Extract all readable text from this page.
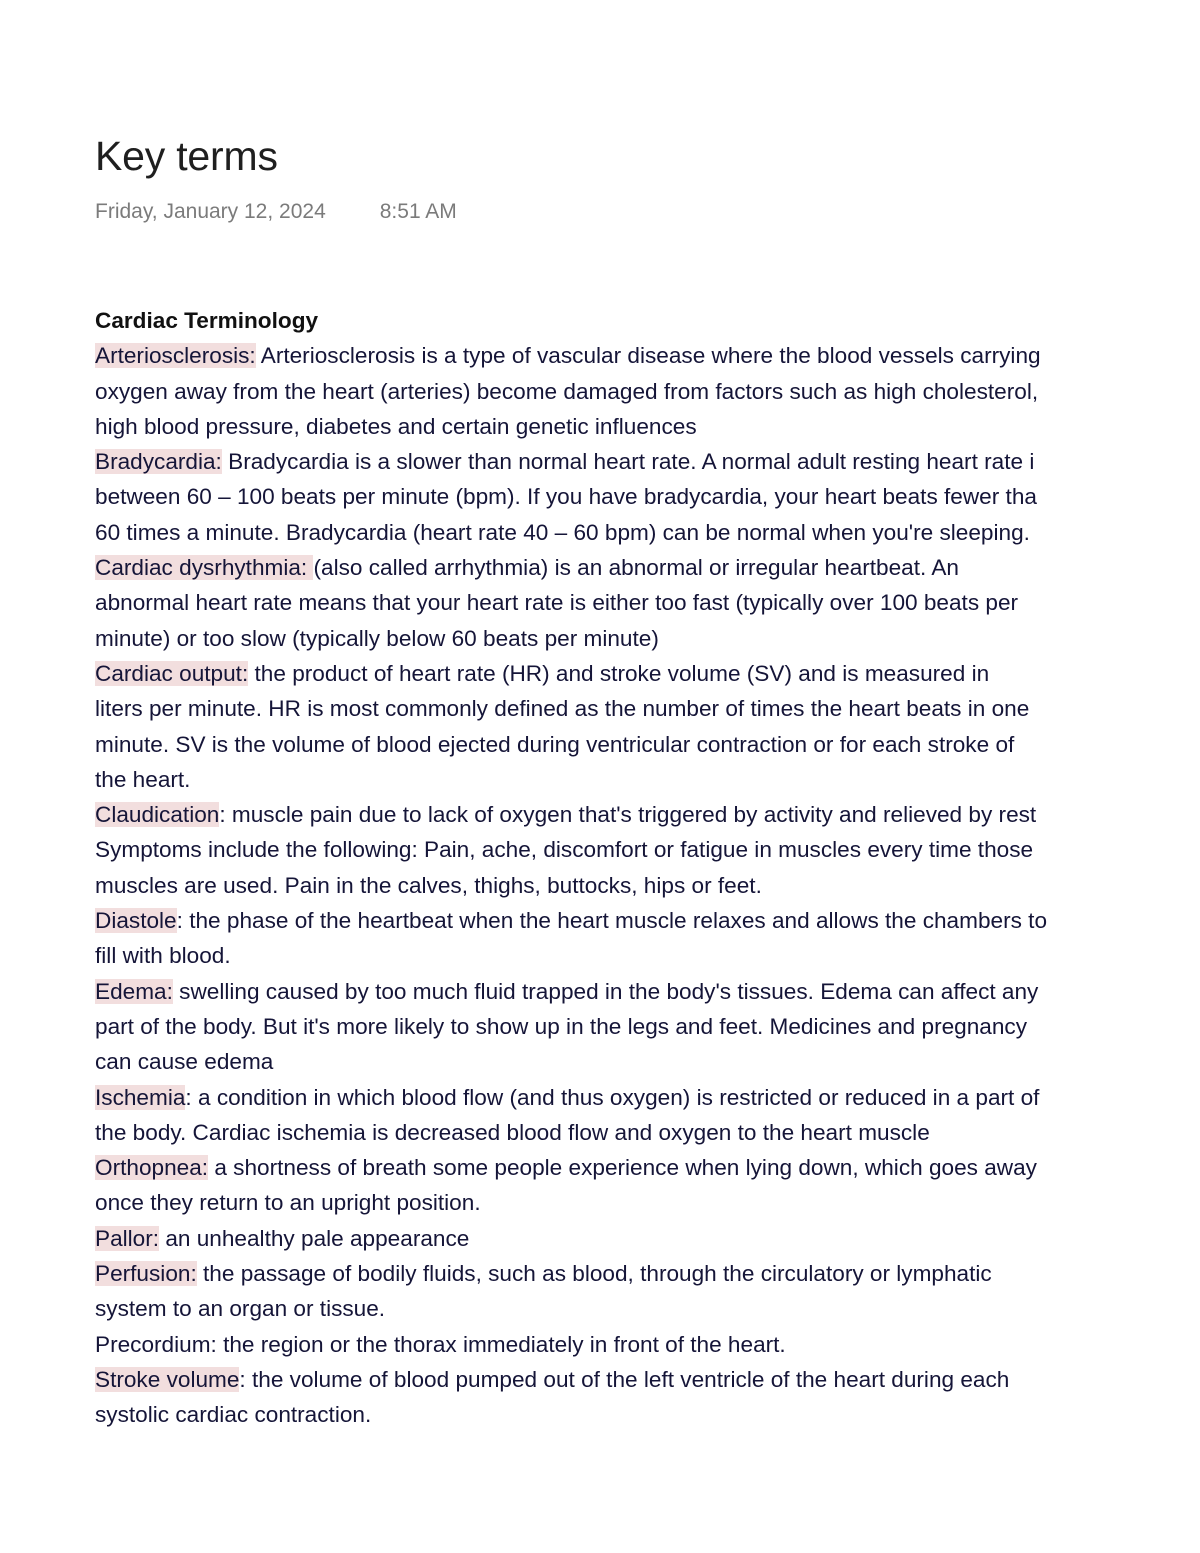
Key terms
Friday, January 12, 2024	8:51 AM
Cardiac Terminology
Arteriosclerosis: Arteriosclerosis is a type of vascular disease where the blood vessels carrying
oxygen away from the heart (arteries) become damaged from factors such as high cholesterol,
high blood pressure, diabetes and certain genetic influences
Bradycardia: Bradycardia is a slower than normal heart rate. A normal adult resting heart rate i
between 60 – 100 beats per minute (bpm). If you have bradycardia, your heart beats fewer tha
60 times a minute. Bradycardia (heart rate 40 – 60 bpm) can be normal when you're sleeping.
Cardiac dysrhythmia: (also called arrhythmia) is an abnormal or irregular heartbeat. An
abnormal heart rate means that your heart rate is either too fast (typically over 100 beats per
minute) or too slow (typically below 60 beats per minute)
Cardiac output: the product of heart rate (HR) and stroke volume (SV) and is measured in
liters per minute. HR is most commonly defined as the number of times the heart beats in one
minute. SV is the volume of blood ejected during ventricular contraction or for each stroke of
the heart.
Claudication: muscle pain due to lack of oxygen that's triggered by activity and relieved by rest
Symptoms include the following: Pain, ache, discomfort or fatigue in muscles every time those
muscles are used. Pain in the calves, thighs, buttocks, hips or feet.
Diastole: the phase of the heartbeat when the heart muscle relaxes and allows the chambers to
fill with blood.
Edema: swelling caused by too much fluid trapped in the body's tissues. Edema can affect any
part of the body. But it's more likely to show up in the legs and feet. Medicines and pregnancy
can cause edema
Ischemia: a condition in which blood flow (and thus oxygen) is restricted or reduced in a part of
the body. Cardiac ischemia is decreased blood flow and oxygen to the heart muscle
Orthopnea: a shortness of breath some people experience when lying down, which goes away
once they return to an upright position.
Pallor: an unhealthy pale appearance
Perfusion: the passage of bodily fluids, such as blood, through the circulatory or lymphatic
system to an organ or tissue.
Precordium: the region or the thorax immediately in front of the heart.
Stroke volume: the volume of blood pumped out of the left ventricle of the heart during each
systolic cardiac contraction.
